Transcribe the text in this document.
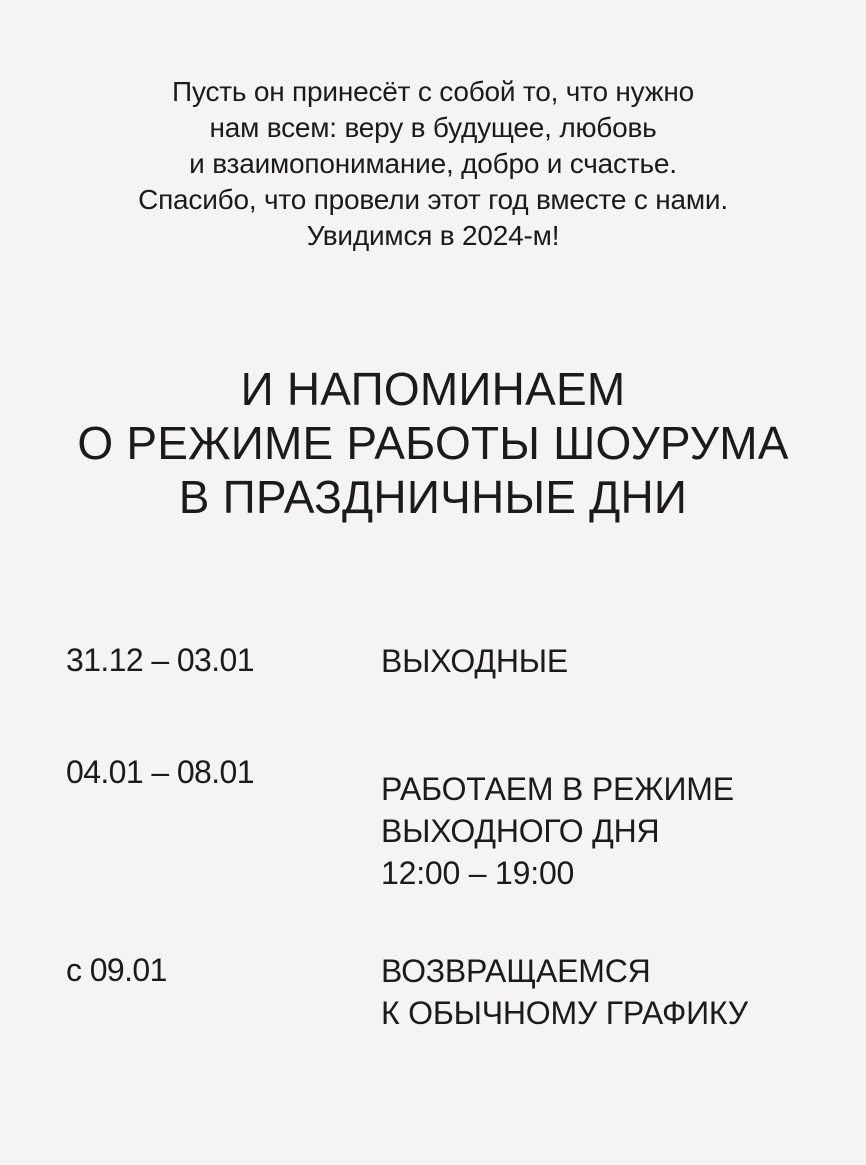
Пусть он принесёт с собой то, что нужно
нам всем: веру в будущее, любовь
и взаимопонимание, добро и счастье.
Спасибо, что провели этот год вместе с нами.
Увидимся в 2024-м!
И НАПОМИНАЕМ
О РЕЖИМЕ РАБОТЫ ШОУРУМА
В ПРАЗДНИЧНЫЕ ДНИ
31.12 – 03.01	ВЫХОДНЫЕ
04.01 – 08.01	РАБОТАЕМ В РЕЖИМЕ
ВЫХОДНОГО ДНЯ
12:00 – 19:00
с 09.01	ВОЗВРАЩАЕМСЯ
К ОБЫЧНОМУ ГРАФИКУ
